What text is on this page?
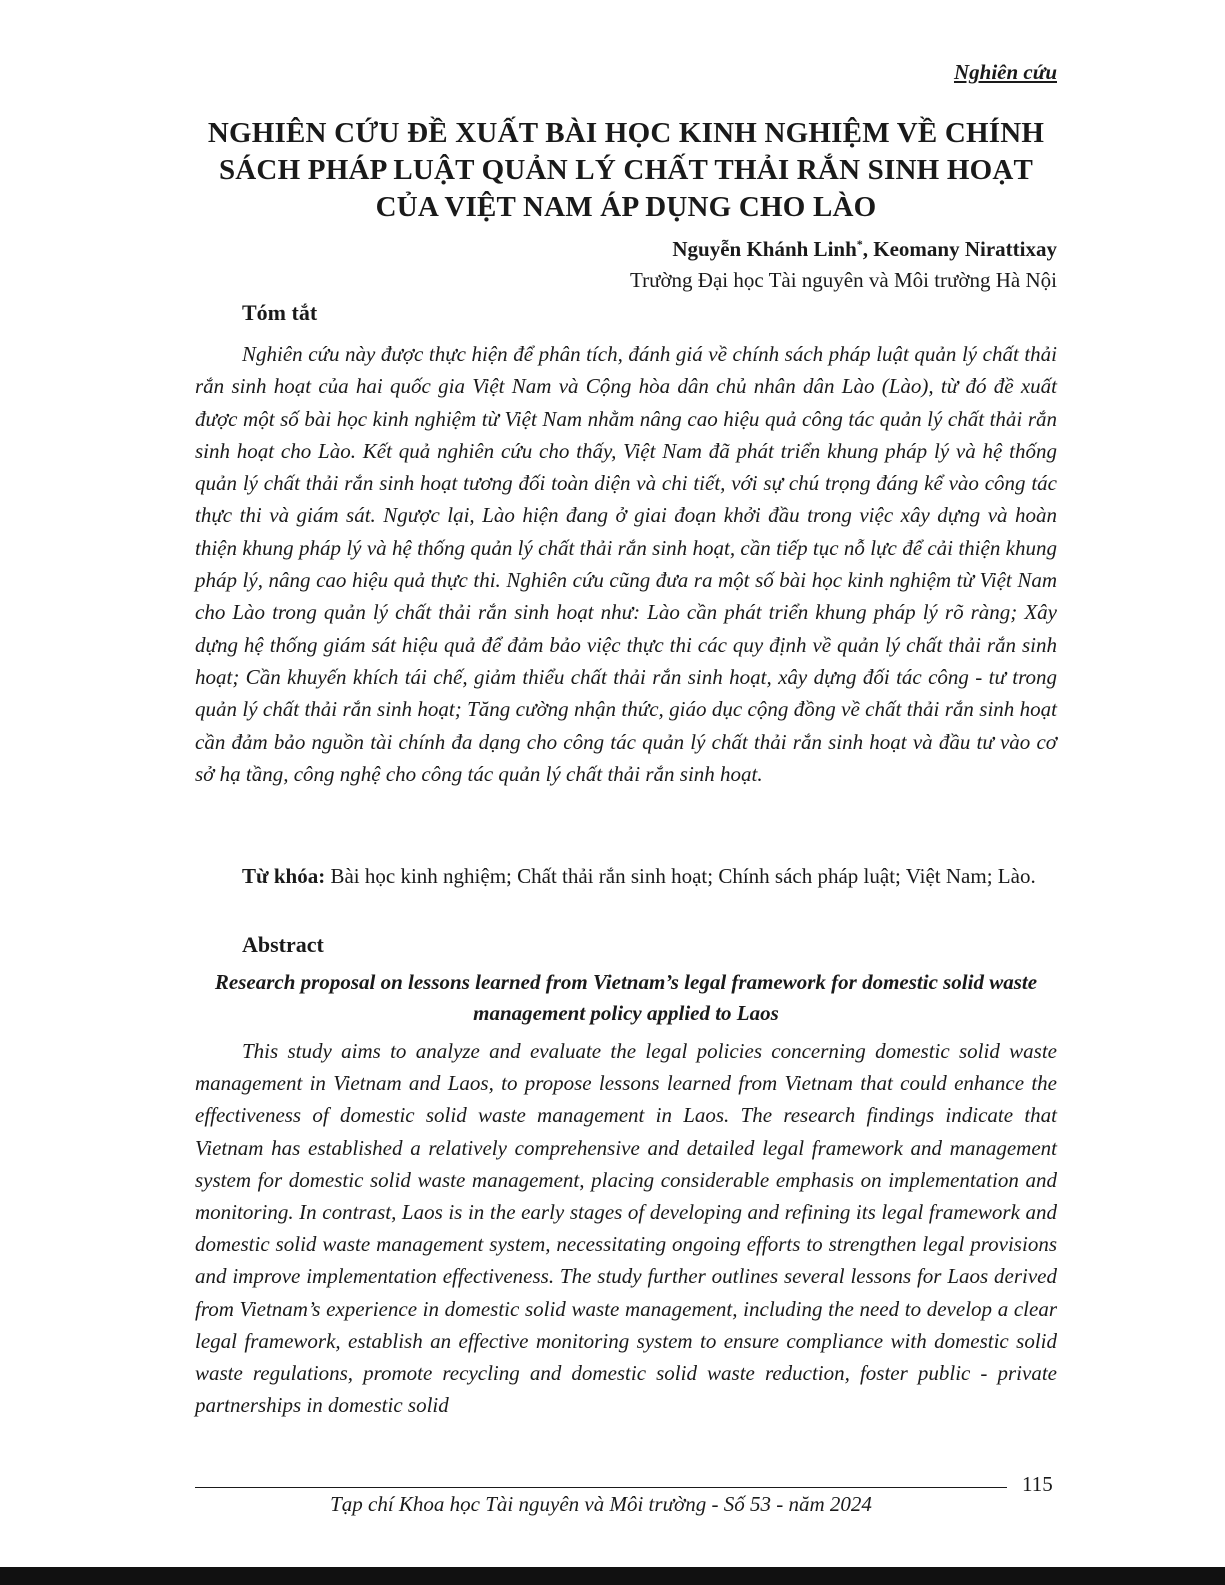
Nghiên cứu
NGHIÊN CỨU ĐỀ XUẤT BÀI HỌC KINH NGHIỆM VỀ CHÍNH SÁCH PHÁP LUẬT QUẢN LÝ CHẤT THẢI RẮN SINH HOẠT CỦA VIỆT NAM ÁP DỤNG CHO LÀO
Nguyễn Khánh Linh*, Keomany Nirattixay
Trường Đại học Tài nguyên và Môi trường Hà Nội
Tóm tắt

Nghiên cứu này được thực hiện để phân tích, đánh giá về chính sách pháp luật quản lý chất thải rắn sinh hoạt của hai quốc gia Việt Nam và Cộng hòa dân chủ nhân dân Lào (Lào), từ đó đề xuất được một số bài học kinh nghiệm từ Việt Nam nhằm nâng cao hiệu quả công tác quản lý chất thải rắn sinh hoạt cho Lào. Kết quả nghiên cứu cho thấy, Việt Nam đã phát triển khung pháp lý và hệ thống quản lý chất thải rắn sinh hoạt tương đối toàn diện và chi tiết, với sự chú trọng đáng kể vào công tác thực thi và giám sát. Ngược lại, Lào hiện đang ở giai đoạn khởi đầu trong việc xây dựng và hoàn thiện khung pháp lý và hệ thống quản lý chất thải rắn sinh hoạt, cần tiếp tục nỗ lực để cải thiện khung pháp lý, nâng cao hiệu quả thực thi. Nghiên cứu cũng đưa ra một số bài học kinh nghiệm từ Việt Nam cho Lào trong quản lý chất thải rắn sinh hoạt như: Lào cần phát triển khung pháp lý rõ ràng; Xây dựng hệ thống giám sát hiệu quả để đảm bảo việc thực thi các quy định về quản lý chất thải rắn sinh hoạt; Cần khuyến khích tái chế, giảm thiểu chất thải rắn sinh hoạt, xây dựng đối tác công - tư trong quản lý chất thải rắn sinh hoạt; Tăng cường nhận thức, giáo dục cộng đồng về chất thải rắn sinh hoạt cần đảm bảo nguồn tài chính đa dạng cho công tác quản lý chất thải rắn sinh hoạt và đầu tư vào cơ sở hạ tầng, công nghệ cho công tác quản lý chất thải rắn sinh hoạt.

Từ khóa: Bài học kinh nghiệm; Chất thải rắn sinh hoạt; Chính sách pháp luật; Việt Nam; Lào.

Abstract
Research proposal on lessons learned from Vietnam’s legal framework for domestic solid waste management policy applied to Laos

This study aims to analyze and evaluate the legal policies concerning domestic solid waste management in Vietnam and Laos, to propose lessons learned from Vietnam that could enhance the effectiveness of domestic solid waste management in Laos. The research findings indicate that Vietnam has established a relatively comprehensive and detailed legal framework and management system for domestic solid waste management, placing considerable emphasis on implementation and monitoring. In contrast, Laos is in the early stages of developing and refining its legal framework and domestic solid waste management system, necessitating ongoing efforts to strengthen legal provisions and improve implementation effectiveness. The study further outlines several lessons for Laos derived from Vietnam’s experience in domestic solid waste management, including the need to develop a clear legal framework, establish an effective monitoring system to ensure compliance with domestic solid waste regulations, promote recycling and domestic solid waste reduction, foster public - private partnerships in domestic solid

115
Tạp chí Khoa học Tài nguyên và Môi trường - Số 53 - năm 2024
